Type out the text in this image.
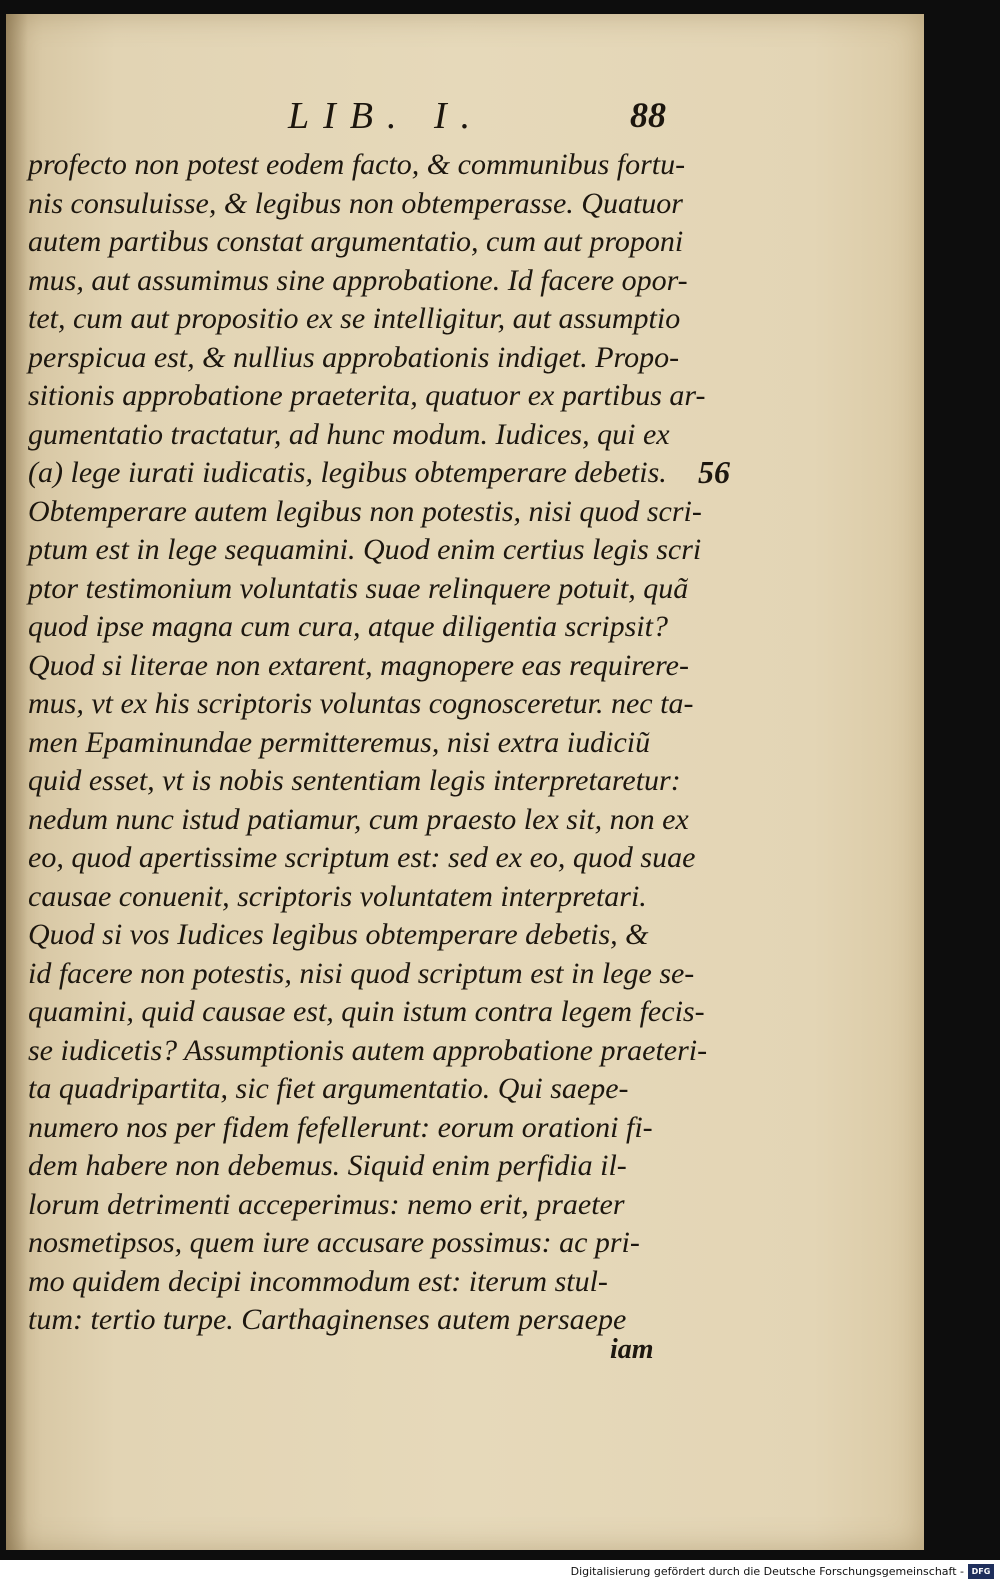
LIB. I.	88
profecto non potest eodem facto, & communibus fortu-
nis consuluisse, & legibus non obtemperasse. Quatuor
autem partibus constat argumentatio, cum aut proponi
mus, aut assumimus sine approbatione. Id facere opor-
tet, cum aut propositio ex se intelligitur, aut assumptio
perspicua est, & nullius approbationis indiget. Propo-
sitionis approbatione praeterita, quatuor ex partibus ar-
gumentatio tractatur, ad hunc modum. Iudices, qui ex
(a) lege iurati iudicatis, legibus obtemperare debetis.
Obtemperare autem legibus non potestis, nisi quod scri-
ptum est in lege sequamini. Quod enim certius legis scri
ptor testimonium voluntatis suae relinquere potuit, quã
quod ipse magna cum cura, atque diligentia scripsit?
Quod si literae non extarent, magnopere eas requirere-
mus, vt ex his scriptoris voluntas cognosceretur. nec ta-
men Epaminundae permitteremus, nisi extra iudiciũ
quid esset, vt is nobis sententiam legis interpretaretur:
nedum nunc istud patiamur, cum praesto lex sit, non ex
eo, quod apertissime scriptum est: sed ex eo, quod suae
causae conuenit, scriptoris voluntatem interpretari.
Quod si vos Iudices legibus obtemperare debetis, &
id facere non potestis, nisi quod scriptum est in lege se-
quamini, quid causae est, quin istum contra legem fecis-
se iudicetis? Assumptionis autem approbatione praeteri-
ta quadripartita, sic fiet argumentatio. Qui saepe-
numero nos per fidem fefellerunt: eorum orationi fi-
dem habere non debemus. Siquid enim perfidia il-
lorum detrimenti acceperimus: nemo erit, praeter
nosmetipsos, quem iure accusare possimus: ac pri-
mo quidem decipi incommodum est: iterum stul-
tum: tertio turpe. Carthaginenses autem persaepe
56
iam
Digitalisierung gefördert durch die Deutsche Forschungsgemeinschaft - DFG
